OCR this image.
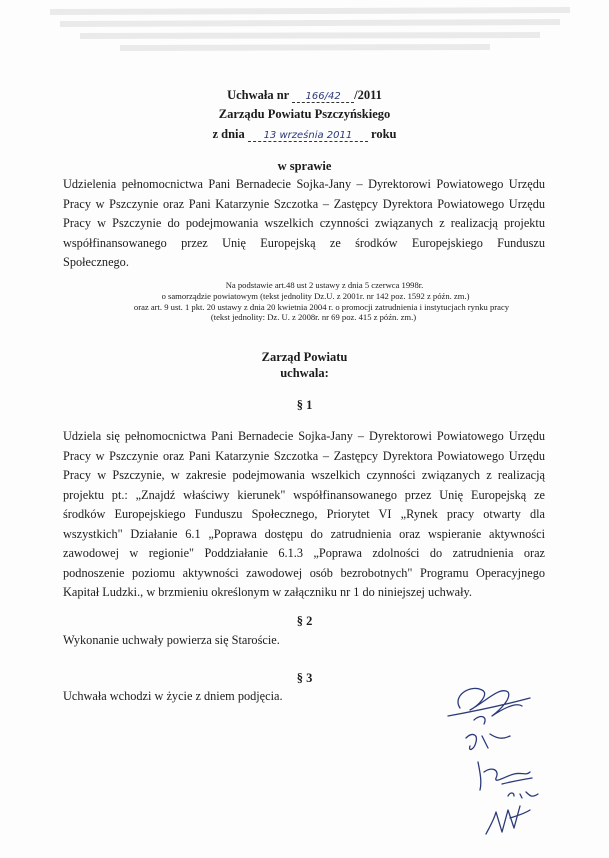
Uchwała nr 166/42 /2011
Zarządu Powiatu Pszczyńskiego
z dnia 13 września 2011 roku
w sprawie
Udzielenia pełnomocnictwa Pani Bernadecie Sojka-Jany – Dyrektorowi Powiatowego Urzędu
Pracy w Pszczynie oraz Pani Katarzynie Szczotka – Zastępcy Dyrektora Powiatowego Urzędu
Pracy w Pszczynie do podejmowania wszelkich czynności związanych z realizacją projektu
współfinansowanego przez Unię Europejską ze środków Europejskiego Funduszu
Społecznego.
Na podstawie art.48 ust 2 ustawy z dnia 5 czerwca 1998r.
o samorządzie powiatowym (tekst jednolity Dz.U. z 2001r. nr 142 poz. 1592 z późn. zm.)
oraz art. 9 ust. 1 pkt. 20 ustawy z dnia 20 kwietnia 2004 r. o promocji zatrudnienia i instytucjach rynku pracy
(tekst jednolity: Dz. U. z 2008r. nr 69 poz. 415 z późn. zm.)
Zarząd Powiatu
uchwala:
§ 1
Udziela się pełnomocnictwa Pani Bernadecie Sojka-Jany – Dyrektorowi Powiatowego Urzędu
Pracy w Pszczynie oraz Pani Katarzynie Szczotka – Zastępcy Dyrektora Powiatowego Urzędu
Pracy w Pszczynie, w zakresie podejmowania wszelkich czynności związanych z realizacją
projektu pt.: „Znajdź właściwy kierunek" współfinansowanego przez Unię Europejską ze
środków Europejskiego Funduszu Społecznego, Priorytet VI „Rynek pracy otwarty dla
wszystkich" Działanie 6.1 „Poprawa dostępu do zatrudnienia oraz wspieranie aktywności
zawodowej w regionie" Poddziałanie 6.1.3 „Poprawa zdolności do zatrudnienia oraz
podnoszenie poziomu aktywności zawodowej osób bezrobotnych" Programu Operacyjnego
Kapitał Ludzki., w brzmieniu określonym w załączniku nr 1 do niniejszej uchwały.
§ 2
Wykonanie uchwały powierza się Staroście.
§ 3
Uchwała wchodzi w życie z dniem podjęcia.
